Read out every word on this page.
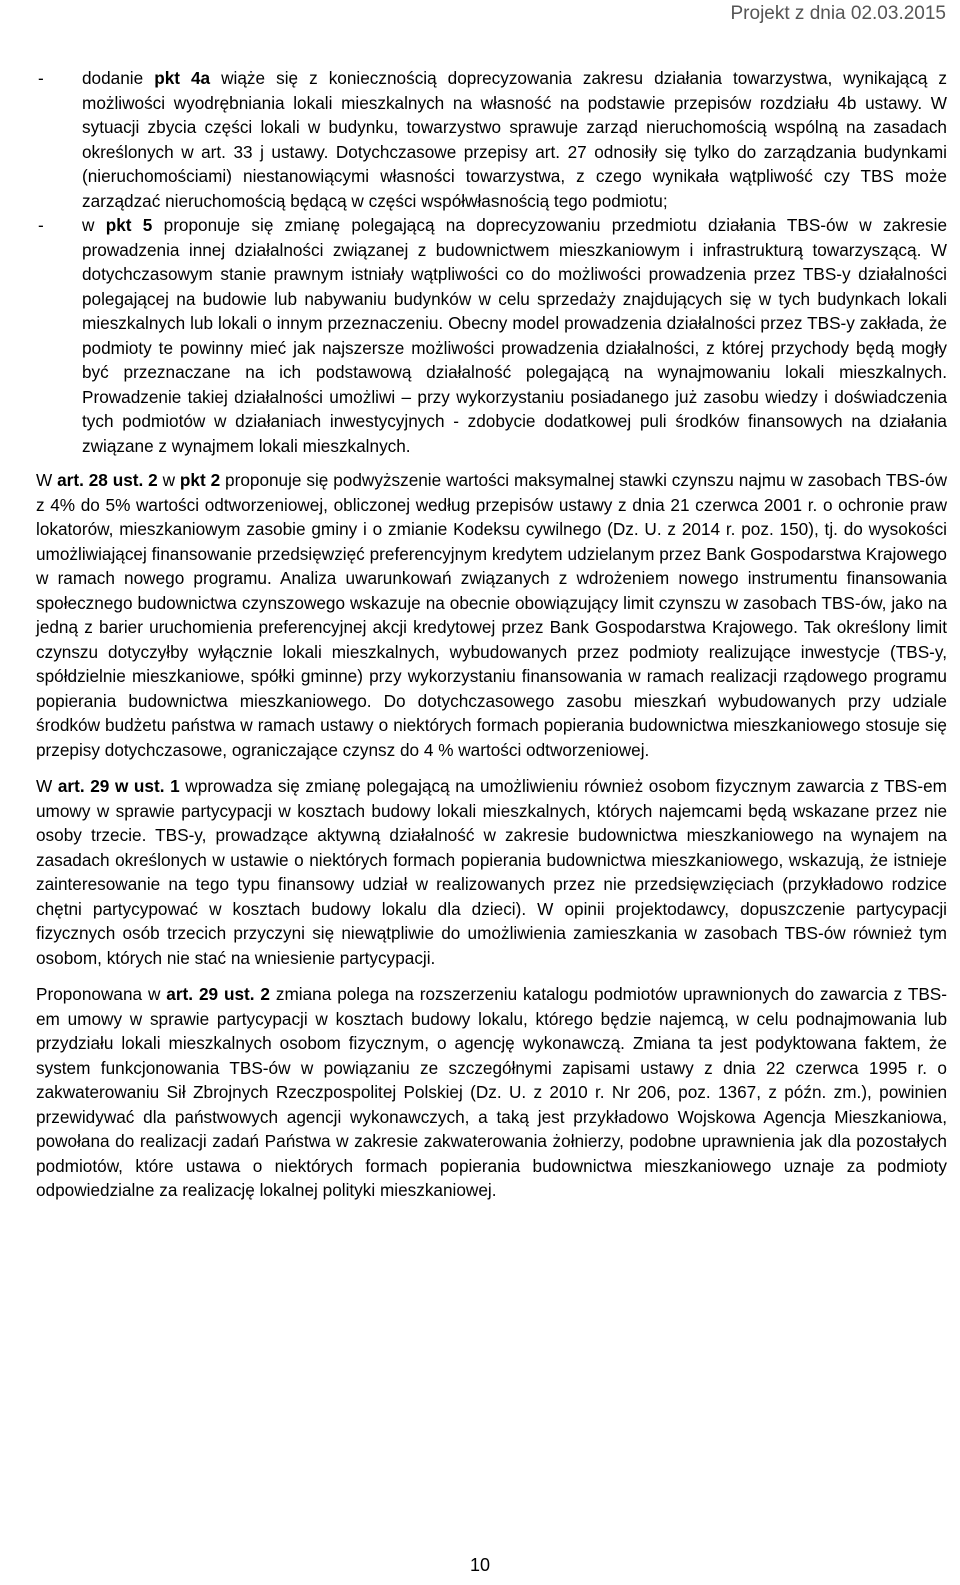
Projekt z dnia 02.03.2015
- dodanie pkt 4a wiąże się z koniecznością doprecyzowania zakresu działania towarzystwa, wynikającą z możliwości wyodrębniania lokali mieszkalnych na własność na podstawie przepisów rozdziału 4b ustawy. W sytuacji zbycia części lokali w budynku, towarzystwo sprawuje zarząd nieruchomością wspólną na zasadach określonych w art. 33 j ustawy. Dotychczasowe przepisy art. 27 odnosiły się tylko do zarządzania budynkami (nieruchomościami) niestanowiącymi własności towarzystwa, z czego wynikała wątpliwość czy TBS może zarządzać nieruchomością będącą w części współwłasnością tego podmiotu;
- w pkt 5 proponuje się zmianę polegającą na doprecyzowaniu przedmiotu działania TBS-ów w zakresie prowadzenia innej działalności związanej z budownictwem mieszkaniowym i infrastrukturą towarzyszącą. W dotychczasowym stanie prawnym istniały wątpliwości co do możliwości prowadzenia przez TBS-y działalności polegającej na budowie lub nabywaniu budynków w celu sprzedaży znajdujących się w tych budynkach lokali mieszkalnych lub lokali o innym przeznaczeniu. Obecny model prowadzenia działalności przez TBS-y zakłada, że podmioty te powinny mieć jak najszersze możliwości prowadzenia działalności, z której przychody będą mogły być przeznaczane na ich podstawową działalność polegającą na wynajmowaniu lokali mieszkalnych. Prowadzenie takiej działalności umożliwi – przy wykorzystaniu posiadanego już zasobu wiedzy i doświadczenia tych podmiotów w działaniach inwestycyjnych - zdobycie dodatkowej puli środków finansowych na działania związane z wynajmem lokali mieszkalnych.

W art. 28 ust. 2 w pkt 2 proponuje się podwyższenie wartości maksymalnej stawki czynszu najmu w zasobach TBS-ów z 4% do 5% wartości odtworzeniowej, obliczonej według przepisów ustawy z dnia 21 czerwca 2001 r. o ochronie praw lokatorów, mieszkaniowym zasobie gminy i o zmianie Kodeksu cywilnego (Dz. U. z 2014 r. poz. 150), tj. do wysokości umożliwiającej finansowanie przedsięwzięć preferencyjnym kredytem udzielanym przez Bank Gospodarstwa Krajowego w ramach nowego programu. Analiza uwarunkowań związanych z wdrożeniem nowego instrumentu finansowania społecznego budownictwa czynszowego wskazuje na obecnie obowiązujący limit czynszu w zasobach TBS-ów, jako na jedną z barier uruchomienia preferencyjnej akcji kredytowej przez Bank Gospodarstwa Krajowego. Tak określony limit czynszu dotyczyłby wyłącznie lokali mieszkalnych, wybudowanych przez podmioty realizujące inwestycje (TBS-y, spółdzielnie mieszkaniowe, spółki gminne) przy wykorzystaniu finansowania w ramach realizacji rządowego programu popierania budownictwa mieszkaniowego. Do dotychczasowego zasobu mieszkań wybudowanych przy udziale środków budżetu państwa w ramach ustawy o niektórych formach popierania budownictwa mieszkaniowego stosuje się przepisy dotychczasowe, ograniczające czynsz do 4 % wartości odtworzeniowej.

W art. 29 w ust. 1 wprowadza się zmianę polegającą na umożliwieniu również osobom fizycznym zawarcia z TBS-em umowy w sprawie partycypacji w kosztach budowy lokali mieszkalnych, których najemcami będą wskazane przez nie osoby trzecie. TBS-y, prowadzące aktywną działalność w zakresie budownictwa mieszkaniowego na wynajem na zasadach określonych w ustawie o niektórych formach popierania budownictwa mieszkaniowego, wskazują, że istnieje zainteresowanie na tego typu finansowy udział w realizowanych przez nie przedsięwzięciach (przykładowo rodzice chętni partycypować w kosztach budowy lokalu dla dzieci). W opinii projektodawcy, dopuszczenie partycypacji fizycznych osób trzecich przyczyni się niewątpliwie do umożliwienia zamieszkania w zasobach TBS-ów również tym osobom, których nie stać na wniesienie partycypacji.

Proponowana w art. 29 ust. 2 zmiana polega na rozszerzeniu katalogu podmiotów uprawnionych do zawarcia z TBS-em umowy w sprawie partycypacji w kosztach budowy lokalu, którego będzie najemcą, w celu podnajmowania lub przydziału lokali mieszkalnych osobom fizycznym, o agencję wykonawczą. Zmiana ta jest podyktowana faktem, że system funkcjonowania TBS-ów w powiązaniu ze szczegółnymi zapisami ustawy z dnia 22 czerwca 1995 r. o zakwaterowaniu Sił Zbrojnych Rzeczpospolitej Polskiej (Dz. U. z 2010 r. Nr 206, poz. 1367, z późn. zm.), powinien przewidywać dla państwowych agencji wykonawczych, a taką jest przykładowo Wojskowa Agencja Mieszkaniowa, powołana do realizacji zadań Państwa w zakresie zakwaterowania żołnierzy, podobne uprawnienia jak dla pozostałych podmiotów, które ustawa o niektórych formach popierania budownictwa mieszkaniowego uznaje za podmioty odpowiedzialne za realizację lokalnej polityki mieszkaniowej.

10
